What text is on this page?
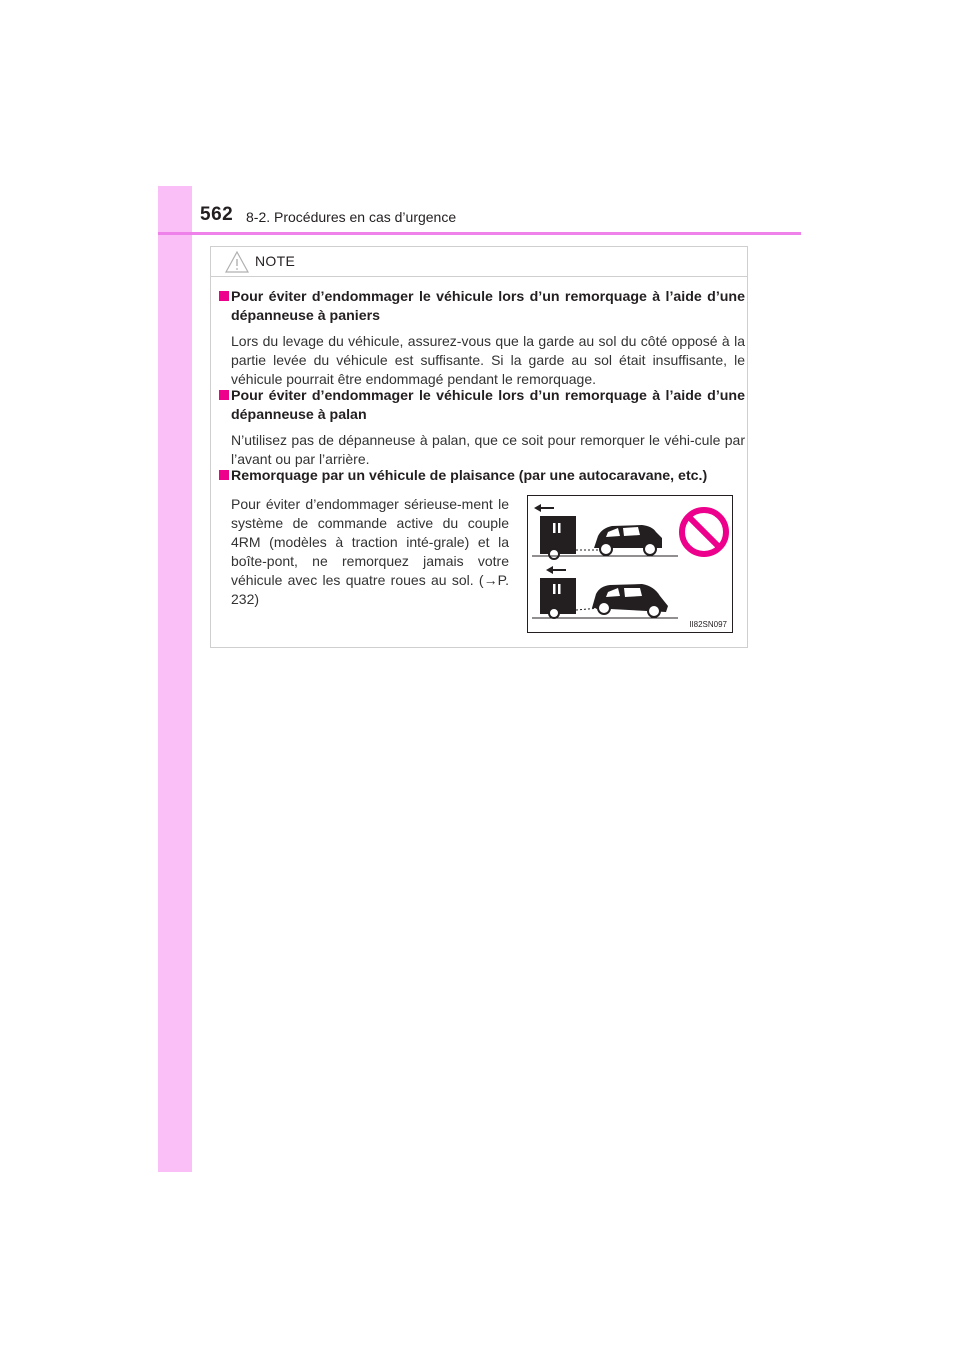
562 8-2. Procédures en cas d’urgence
NOTE
Pour éviter d’endommager le véhicule lors d’un remorquage à l’aide d’une dépanneuse à paniers
Lors du levage du véhicule, assurez-vous que la garde au sol du côté opposé à la partie levée du véhicule est suffisante. Si la garde au sol était insuffisante, le véhicule pourrait être endommagé pendant le remorquage.
Pour éviter d’endommager le véhicule lors d’un remorquage à l’aide d’une dépanneuse à palan
N’utilisez pas de dépanneuse à palan, que ce soit pour remorquer le véhi-cule par l’avant ou par l’arrière.
Remorquage par un véhicule de plaisance (par une autocaravane, etc.)
Pour éviter d’endommager sérieuse-ment le système de commande active du couple 4RM (modèles à traction inté-grale) et la boîte-pont, ne remorquez jamais votre véhicule avec les quatre roues au sol. (→P. 232)
II82SN097
